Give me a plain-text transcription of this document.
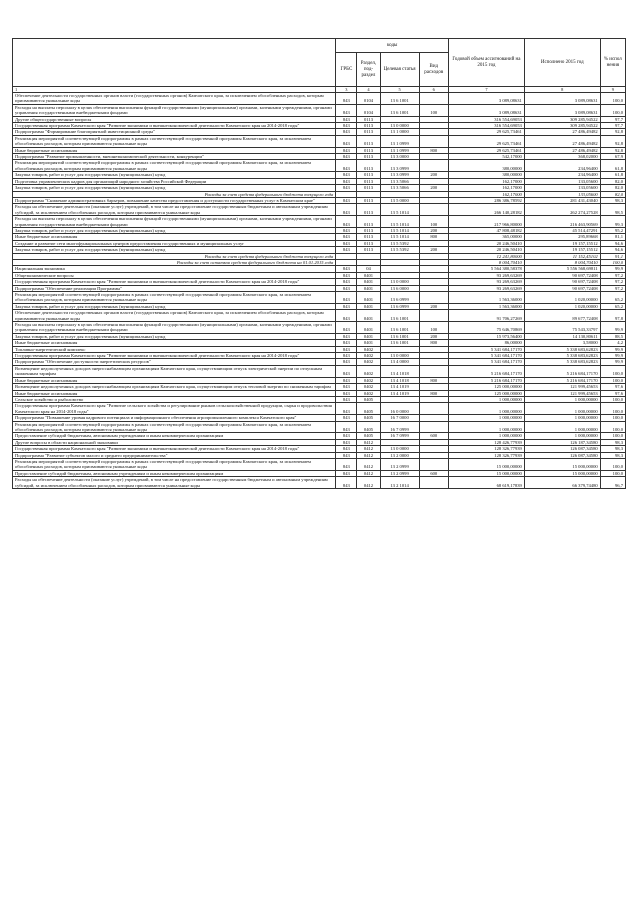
	коды				Годовой объем ассигнований на 2015 год	Исполнено 2015 год	% испол нения
	ГРБС	Раздел, под- раздел	Целевая статья	Вид расходов			
1	3	4	5	6	7	8	9
Обеспечение деятельности государственных органов власти (государственных органов) Камчатского края, за исключением обособленных расходов, которым присваиваются уникальные коды	843	0104	13 6 1001		3 089,08631	3 089,08631	100,0
Расходы на выплаты персоналу в целях обеспечения выполнения функций государственными (муниципальными) органами, казенными учреждениями, органами управления государственными внебюджетными фондами	843	0104	13 6 1001	100	3 089,08631	3 089,08631	100,0
Другие общегосударственные вопросы	843	0113			316 554,69053	309 285,94522	97,7
Государственная программа Камчатского края "Развитие экономики и внешнеэкономической деятельности Камчатского края на 2014-2018 годы"	843	0113	13 0 0000		316 554,69053	309 285,94522	97,7
Подпрограмма "Формирование благоприятной инвестиционной среды"	843	0113	13 1 0000		29 625,73461	27 486,49482	92,8
Реализация мероприятий соответствующей подпрограммы в рамках соответствующей государственной программы Камчатского края, за исключением обособленных расходов, которым присваиваются уникальные коды	843	0113	13 1 0999		29 625,73461	27 486,49482	92,8
Иные бюджетные ассигнования	843	0113	13 1 0999	800	29 625,73461	27 486,49482	92,8
Подпрограмма "Развитие промышленности, внешнеэкономической деятельности, конкуренции"	843	0113	13 3 0000		542,17000	368,02000	67,9
Реализация мероприятий соответствующей подпрограммы в рамках соответствующей государственной программы Камчатского края, за исключением обособленных расходов, которым присваиваются уникальные коды	843	0113	13 3 0999		380,00000	234,96400	61,8
Закупка товаров, работ и услуг для государственных (муниципальных) нужд	843	0113	13 3 0999	200	380,00000	234,96400	61,8
Подготовка управленческих кадров для организаций народного хозяйства Российской Федерации	843	0113	13 3 5066		162,17000	133,05600	82,0
Закупка товаров, работ и услуг для государственных (муниципальных) нужд	843	0113	13 3 5066	200	162,17000	133,05600	82,0
Расходы за счет средств федерального бюджета текущего года					162,17000	133,05600	82,0
Подпрограмма "Снижение административных барьеров, повышение качества предоставления и доступности государственных услуг в Камчатском крае"	843	0113	13 5 0000		286 386,78592	281 431,43040	98,3
Расходы на обеспечение деятельности (оказание услуг) учреждений, в том числе на предоставление государственным бюджетным и автономным учреждениям субсидий, за исключением обособленных расходов, которым присваиваются уникальные коды	843	0113	13 5 1014		266 140,28182	262 274,27528	98,5
Расходы на выплаты персоналу в целях обеспечения выполнения функций государственными (муниципальными) органами, казенными учреждениями, органами управления государственными внебюджетными фондами	843	0113	13 5 1014	100	217 966,80000	216 463,90569	99,3
Закупка товаров, работ и услуг для государственных (муниципальных) нужд	843	0113	13 5 1014	200	47 808,48182	45 514,47291	95,2
Иные бюджетные ассигнования	843	0113	13 5 1014	800	365,00000	295,89668	81,1
Создание и развитие сети многофункциональных центров предоставления государственных и муниципальных услуг	843	0113	13 5 5392		20 246,50410	19 157,15512	94,6
Закупка товаров, работ и услуг для государственных (муниципальных) нужд	843	0113	13 5 5392	200	20 246,50410	19 157,15512	94,6
Расходы за счет средств федерального бюджета текущего года					12 241,80000	11 152,45102	91,1
Расходы за счет остатков средств федерального бюджета на 01.01.2015 года					8 004,70410	8 004,70410	100,0
Национальная экономика	843	04			5 564 380,58378	5 556 568,69811	99,9
Общеэкономические вопросы	843	0401			93 269,63269	90 697,72408	97,2
Государственная программа Камчатского края "Развитие экономики и внешнеэкономической деятельности Камчатского края на 2014-2018 годы"	843	0401	13 0 0000		93 269,63269	90 697,72408	97,2
Подпрограмма "Обеспечение реализации Программы"	843	0401	13 6 0000		93 269,63269	90 697,72408	97,2
Реализация мероприятий соответствующей подпрограммы в рамках соответствующей государственной программы Камчатского края, за исключением обособленных расходов, которым присваиваются уникальные коды	843	0401	13 6 0999		1 563,36000	1 020,00000	65,2
Закупка товаров, работ и услуг для государственных (муниципальных) нужд	843	0401	13 6 0999	200	1 563,36000	1 020,00000	65,2
Обеспечение деятельности государственных органов власти (государственных органов) Камчатского края, за исключением обособленных расходов, которым присваиваются уникальные коды	843	0401	13 6 1001		91 706,27269	89 677,72408	97,8
Расходы на выплаты персоналу в целях обеспечения выполнения функций государственными (муниципальными) органами, казенными учреждениями, органами управления государственными внебюджетными фондами	843	0401	13 6 1001	100	75 646,70869	75 543,33797	99,9
Закупка товаров, работ и услуг для государственных (муниципальных) нужд	843	0401	13 6 1001	200	15 973,56400	14 130,80611	88,5
Иные бюджетные ассигнования	843	0401	13 6 1001	800	86,00000	3,58000	4,2
Топливно-энергетический комплекс	843	0402			5 341 684,17170	5 338 683,62823	99,9
Государственная программа Камчатского края "Развитие экономики и внешнеэкономической деятельности Камчатского края на 2014-2018 годы"	843	0402	13 0 0000		5 341 684,17170	5 338 683,62823	99,9
Подпрограмма "Обеспечение доступности энергетических ресурсов"	843	0402	13 4 0000		5 341 684,17170	5 338 683,62823	99,9
Возмещение недополученных доходов энергоснабжающим организациям Камчатского края, осуществляющим отпуск электрической энергии по отпускным сниженным тарифам	843	0402	13 4 1018		5 216 684,17170	5 216 684,17170	100,0
Иные бюджетные ассигнования	843	0402	13 4 1018	800	5 216 684,17170	5 216 684,17170	100,0
Возмещение недополученных доходов энергоснабжающим организациям Камчатского края, осуществляющим отпуск тепловой энергии по сниженным тарифам	843	0402	13 4 1019		125 000,00000	121 999,45653	97,6
Иные бюджетные ассигнования	843	0402	13 4 1019	800	125 000,00000	121 999,45653	97,6
Сельское хозяйство и рыболовство	843	0405			1 000,00000	1 000,00000	100,0
Государственная программа Камчатского края "Развитие сельского хозяйства и регулирование рынков сельскохозяйственной продукции, сырья и продовольствия Камчатского края на 2014-2018 годы"	843	0405	16 0 0000		1 000,00000	1 000,00000	100,0
Подпрограмма "Повышение уровня кадрового потенциала и информационного обеспечения агропромышленного комплекса Камчатского края"	843	0405	16 7 0000		1 000,00000	1 000,00000	100,0
Реализация мероприятий соответствующей подпрограммы в рамках соответствующей государственной программы Камчатского края, за исключением обособленных расходов, которым присваиваются уникальные коды	843	0405	16 7 0999		1 000,00000	1 000,00000	100,0
Предоставление субсидий бюджетным, автономным учреждениям и иным некоммерческим организациям	843	0405	16 7 0999	600	1 000,00000	1 000,00000	100,0
Другие вопросы в области национальной экономики	843	0412			128 426,77939	126 187,34580	98,3
Государственная программа Камчатского края "Развитие экономики и внешнеэкономической деятельности Камчатского края на 2014-2018 годы"	843	0412	13 0 0000		128 326,77939	126 087,34580	98,3
Подпрограмма "Развитие субъектов малого и среднего предпринимательства"	843	0412	13 2 0000		128 326,77939	126 087,34580	98,3
Реализация мероприятий соответствующей подпрограммы в рамках соответствующей государственной программы Камчатского края, за исключением обособленных расходов, которым присваиваются уникальные коды	843	0412	13 2 0999		15 000,00000	15 000,00000	100,0
Предоставление субсидий бюджетным, автономным учреждениям и иным некоммерческим организациям	843	0412	13 2 0999	600	15 000,00000	15 000,00000	100,0
Расходы на обеспечение деятельности (оказание услуг) учреждений, в том числе на предоставление государственным бюджетным и автономным учреждениям субсидий, за исключением обособленных расходов, которым присваиваются уникальные коды	843	0412	13 2 1014		68 619,17839	66 379,74480	96,7
